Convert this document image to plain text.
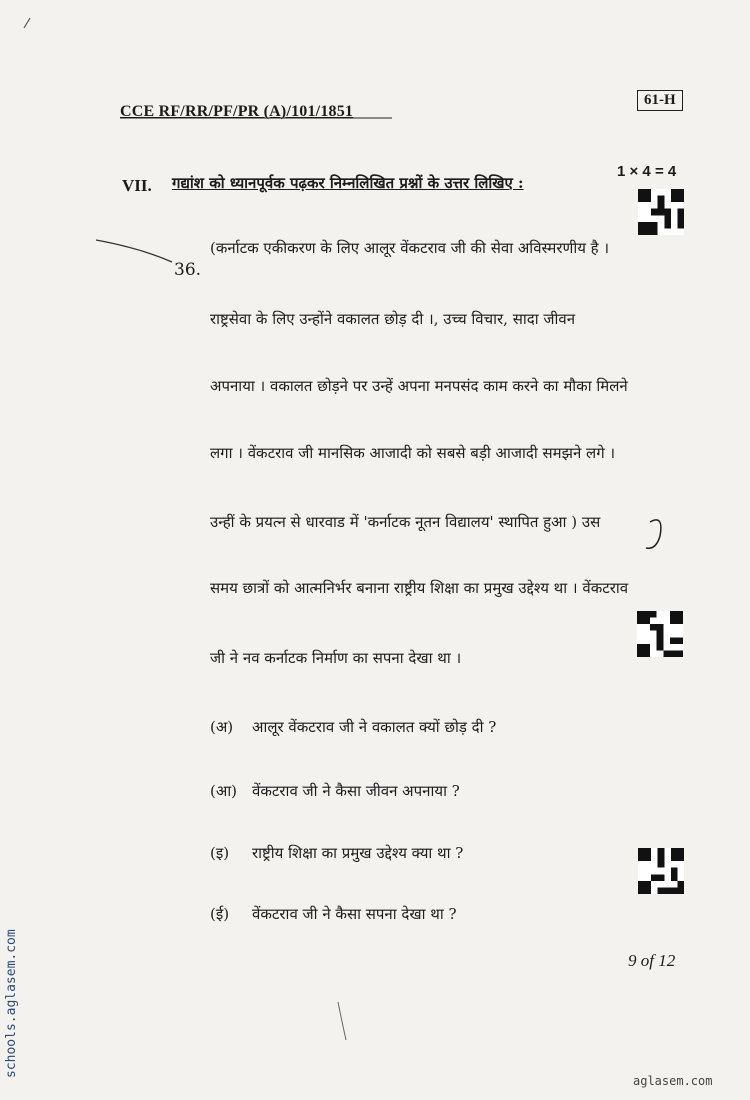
CCE RF/RR/PF/PR (A)/101/1851
61-H
VII. गद्यांश को ध्यानपूर्वक पढ़कर निम्नलिखित प्रश्नों के उत्तर लिखिए :
1 × 4 = 4
36.
(कर्नाटक एकीकरण के लिए आलूर वेंकटराव जी की सेवा अविस्मरणीय है ।
राष्ट्रसेवा के लिए उन्होंने वकालत छोड़ दी ।, उच्च विचार, सादा जीवन
अपनाया । वकालत छोड़ने पर उन्हें अपना मनपसंद काम करने का मौका मिलने
लगा । वेंकटराव जी मानसिक आजादी को सबसे बड़ी आजादी समझने लगे ।
उन्हीं के प्रयत्न से धारवाड में 'कर्नाटक नूतन विद्यालय' स्थापित हुआ ) उस
समय छात्रों को आत्मनिर्भर बनाना राष्ट्रीय शिक्षा का प्रमुख उद्देश्य था । वेंकटराव
जी ने नव कर्नाटक निर्माण का सपना देखा था ।
(अ) आलूर वेंकटराव जी ने वकालत क्यों छोड़ दी ?
(आ) वेंकटराव जी ने कैसा जीवन अपनाया ?
(इ) राष्ट्रीय शिक्षा का प्रमुख उद्देश्य क्या था ?
(ई) वेंकटराव जी ने कैसा सपना देखा था ?
9 of 12
schools.aglasem.com
aglasem.com
